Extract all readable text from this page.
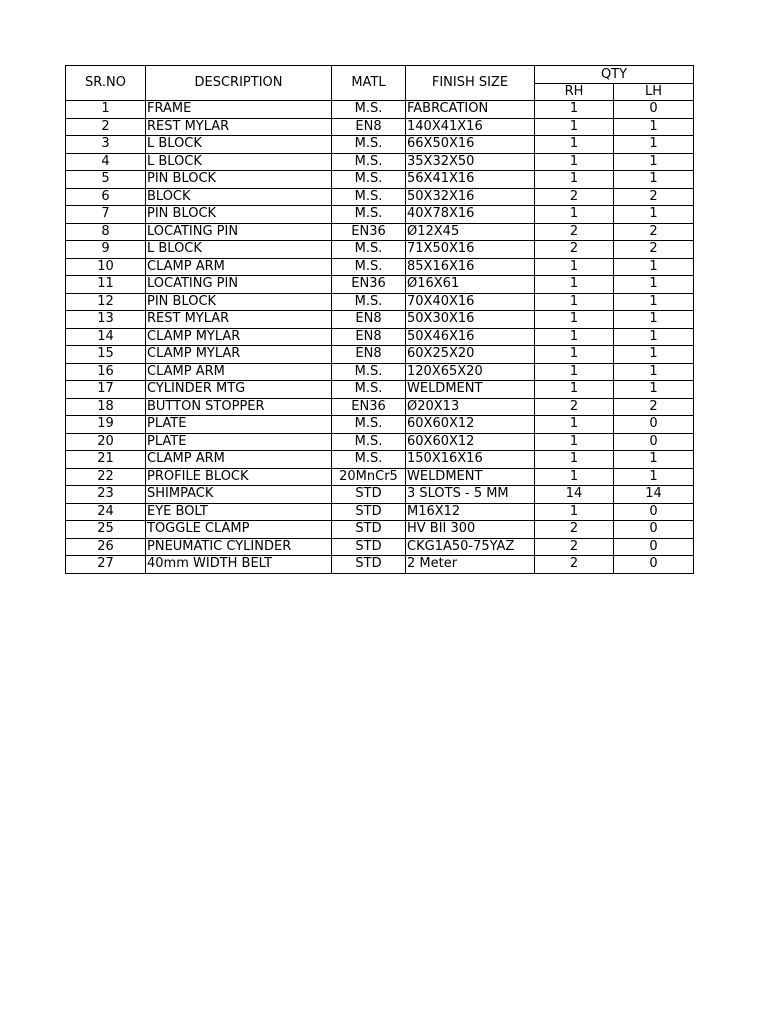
SR.NO	DESCRIPTION	MATL	FINISH SIZE	QTY	
				RH	LH
1	FRAME	M.S.	FABRCATION	1	0
2	REST MYLAR	EN8	140X41X16	1	1
3	L BLOCK	M.S.	66X50X16	1	1
4	L BLOCK	M.S.	35X32X50	1	1
5	PIN BLOCK	M.S.	56X41X16	1	1
6	BLOCK	M.S.	50X32X16	2	2
7	PIN BLOCK	M.S.	40X78X16	1	1
8	LOCATING PIN	EN36	Ø12X45	2	2
9	L BLOCK	M.S.	71X50X16	2	2
10	CLAMP ARM	M.S.	85X16X16	1	1
11	LOCATING PIN	EN36	Ø16X61	1	1
12	PIN BLOCK	M.S.	70X40X16	1	1
13	REST MYLAR	EN8	50X30X16	1	1
14	CLAMP MYLAR	EN8	50X46X16	1	1
15	CLAMP MYLAR	EN8	60X25X20	1	1
16	CLAMP ARM	M.S.	120X65X20	1	1
17	CYLINDER MTG	M.S.	WELDMENT	1	1
18	BUTTON STOPPER	EN36	Ø20X13	2	2
19	PLATE	M.S.	60X60X12	1	0
20	PLATE	M.S.	60X60X12	1	0
21	CLAMP ARM	M.S.	150X16X16	1	1
22	PROFILE BLOCK	20MnCr5	WELDMENT	1	1
23	SHIMPACK	STD	3 SLOTS - 5 MM	14	14
24	EYE BOLT	STD	M16X12	1	0
25	TOGGLE CLAMP	STD	HV BII 300	2	0
26	PNEUMATIC CYLINDER	STD	CKG1A50-75YAZ	2	0
27	40mm WIDTH BELT	STD	2 Meter	2	0
